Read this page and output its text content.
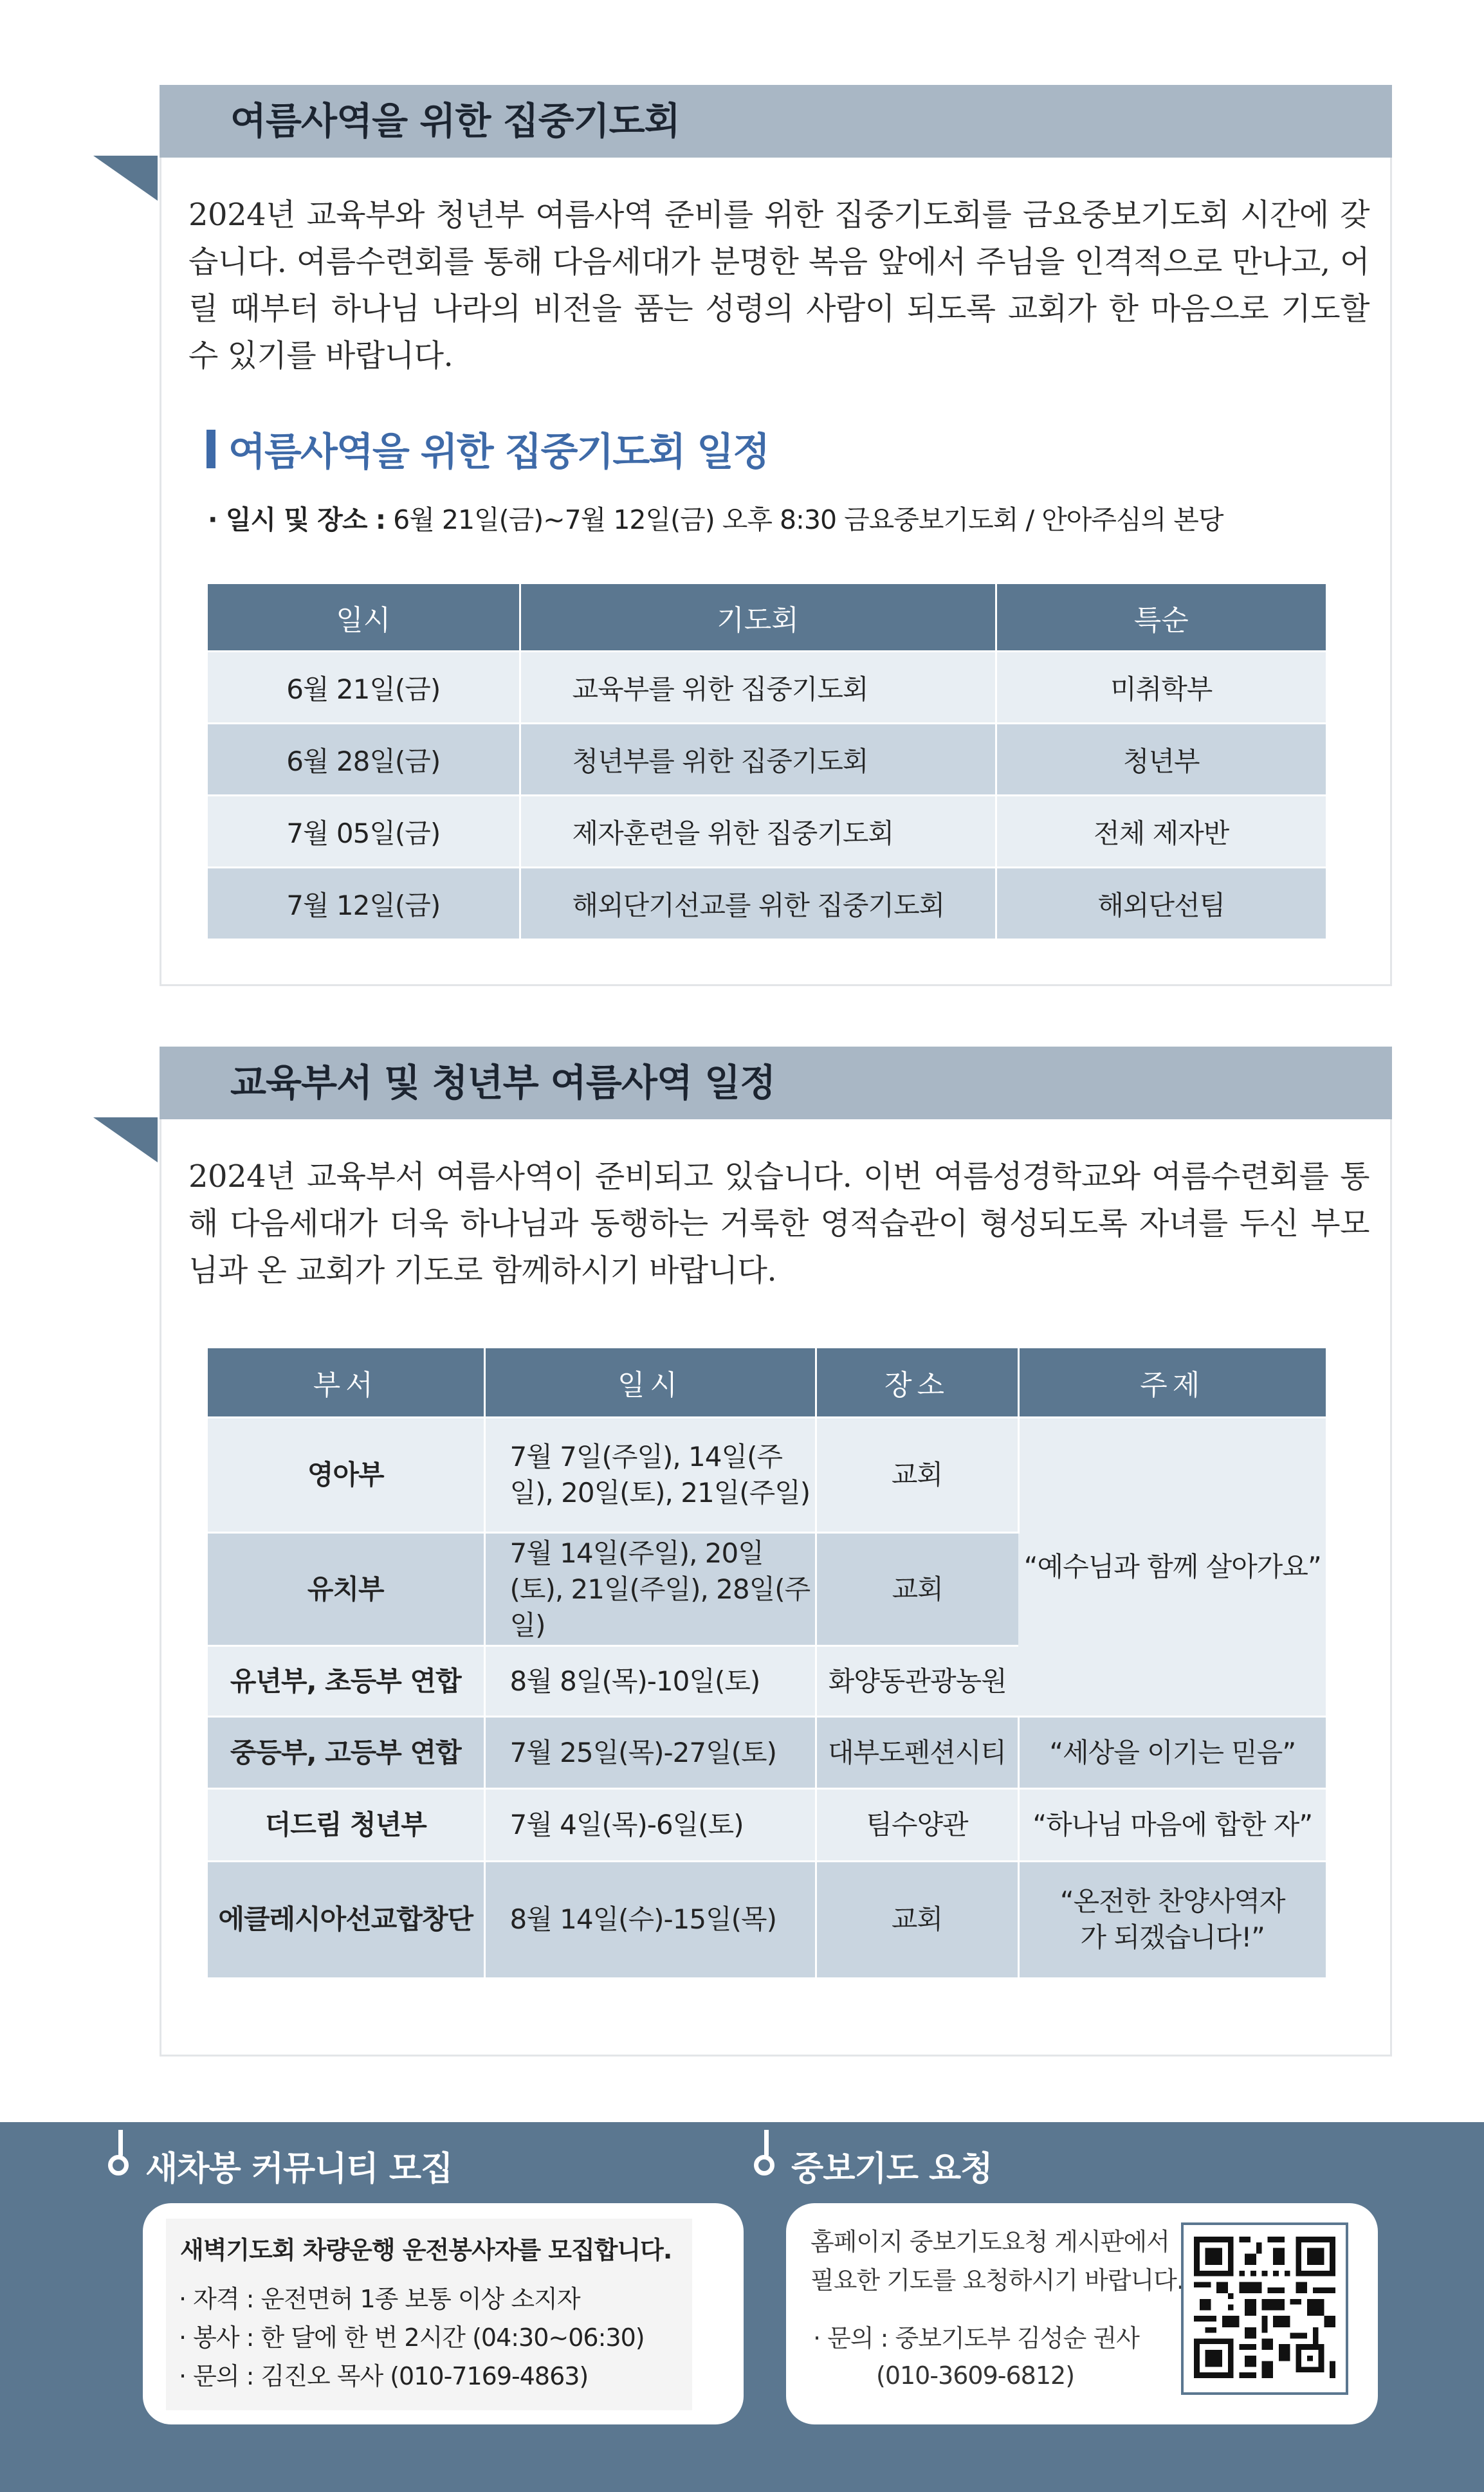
여름사역을 위한 집중기도회
2024년 교육부와 청년부 여름사역 준비를 위한 집중기도회를 금요중보기도회 시간에 갖습니다. 여름수련회를 통해 다음세대가 분명한 복음 앞에서 주님을 인격적으로 만나고, 어릴 때부터 하나님 나라의 비전을 품는 성령의 사람이 되도록 교회가 한 마음으로 기도할 수 있기를 바랍니다.
여름사역을 위한 집중기도회 일정
· 일시 및 장소 : 6월 21일(금)~7월 12일(금) 오후 8:30 금요중보기도회 / 안아주심의 본당
일시	기도회	특순
6월 21일(금)	교육부를 위한 집중기도회	미취학부
6월 28일(금)	청년부를 위한 집중기도회	청년부
7월 05일(금)	제자훈련을 위한 집중기도회	전체 제자반
7월 12일(금)	해외단기선교를 위한 집중기도회	해외단선팀
교육부서 및 청년부 여름사역 일정
2024년 교육부서 여름사역이 준비되고 있습니다. 이번 여름성경학교와 여름수련회를 통해 다음세대가 더욱 하나님과 동행하는 거룩한 영적습관이 형성되도록 자녀를 두신 부모님과 온 교회가 기도로 함께하시기 바랍니다.
부서	일시	장소	주제
영아부	7월 7일(주일), 14일(주일), 20일(토), 21일(주일)	교회	“예수님과 함께 살아가요”
유치부	7월 14일(주일), 20일(토), 21일(주일), 28일(주일)	교회	
유년부, 초등부 연합	8월 8일(목)-10일(토)	화양동관광농원	
중등부, 고등부 연합	7월 25일(목)-27일(토)	대부도펜션시티	“세상을 이기는 믿음”
더드림 청년부	7월 4일(목)-6일(토)	팀수양관	“하나님 마음에 합한 자”
에클레시아선교합창단	8월 14일(수)-15일(목)	교회	“온전한 찬양사역자가 되겠습니다!”
새차봉 커뮤니티 모집	중보기도 요청
새벽기도회 차량운행 운전봉사자를 모집합니다.
· 자격 : 운전면허 1종 보통 이상 소지자
· 봉사 : 한 달에 한 번 2시간 (04:30~06:30)
· 문의 : 김진오 목사 (010-7169-4863)
홈페이지 중보기도요청 게시판에서
필요한 기도를 요청하시기 바랍니다.
· 문의 : 중보기도부 김성순 권사
(010-3609-6812)
